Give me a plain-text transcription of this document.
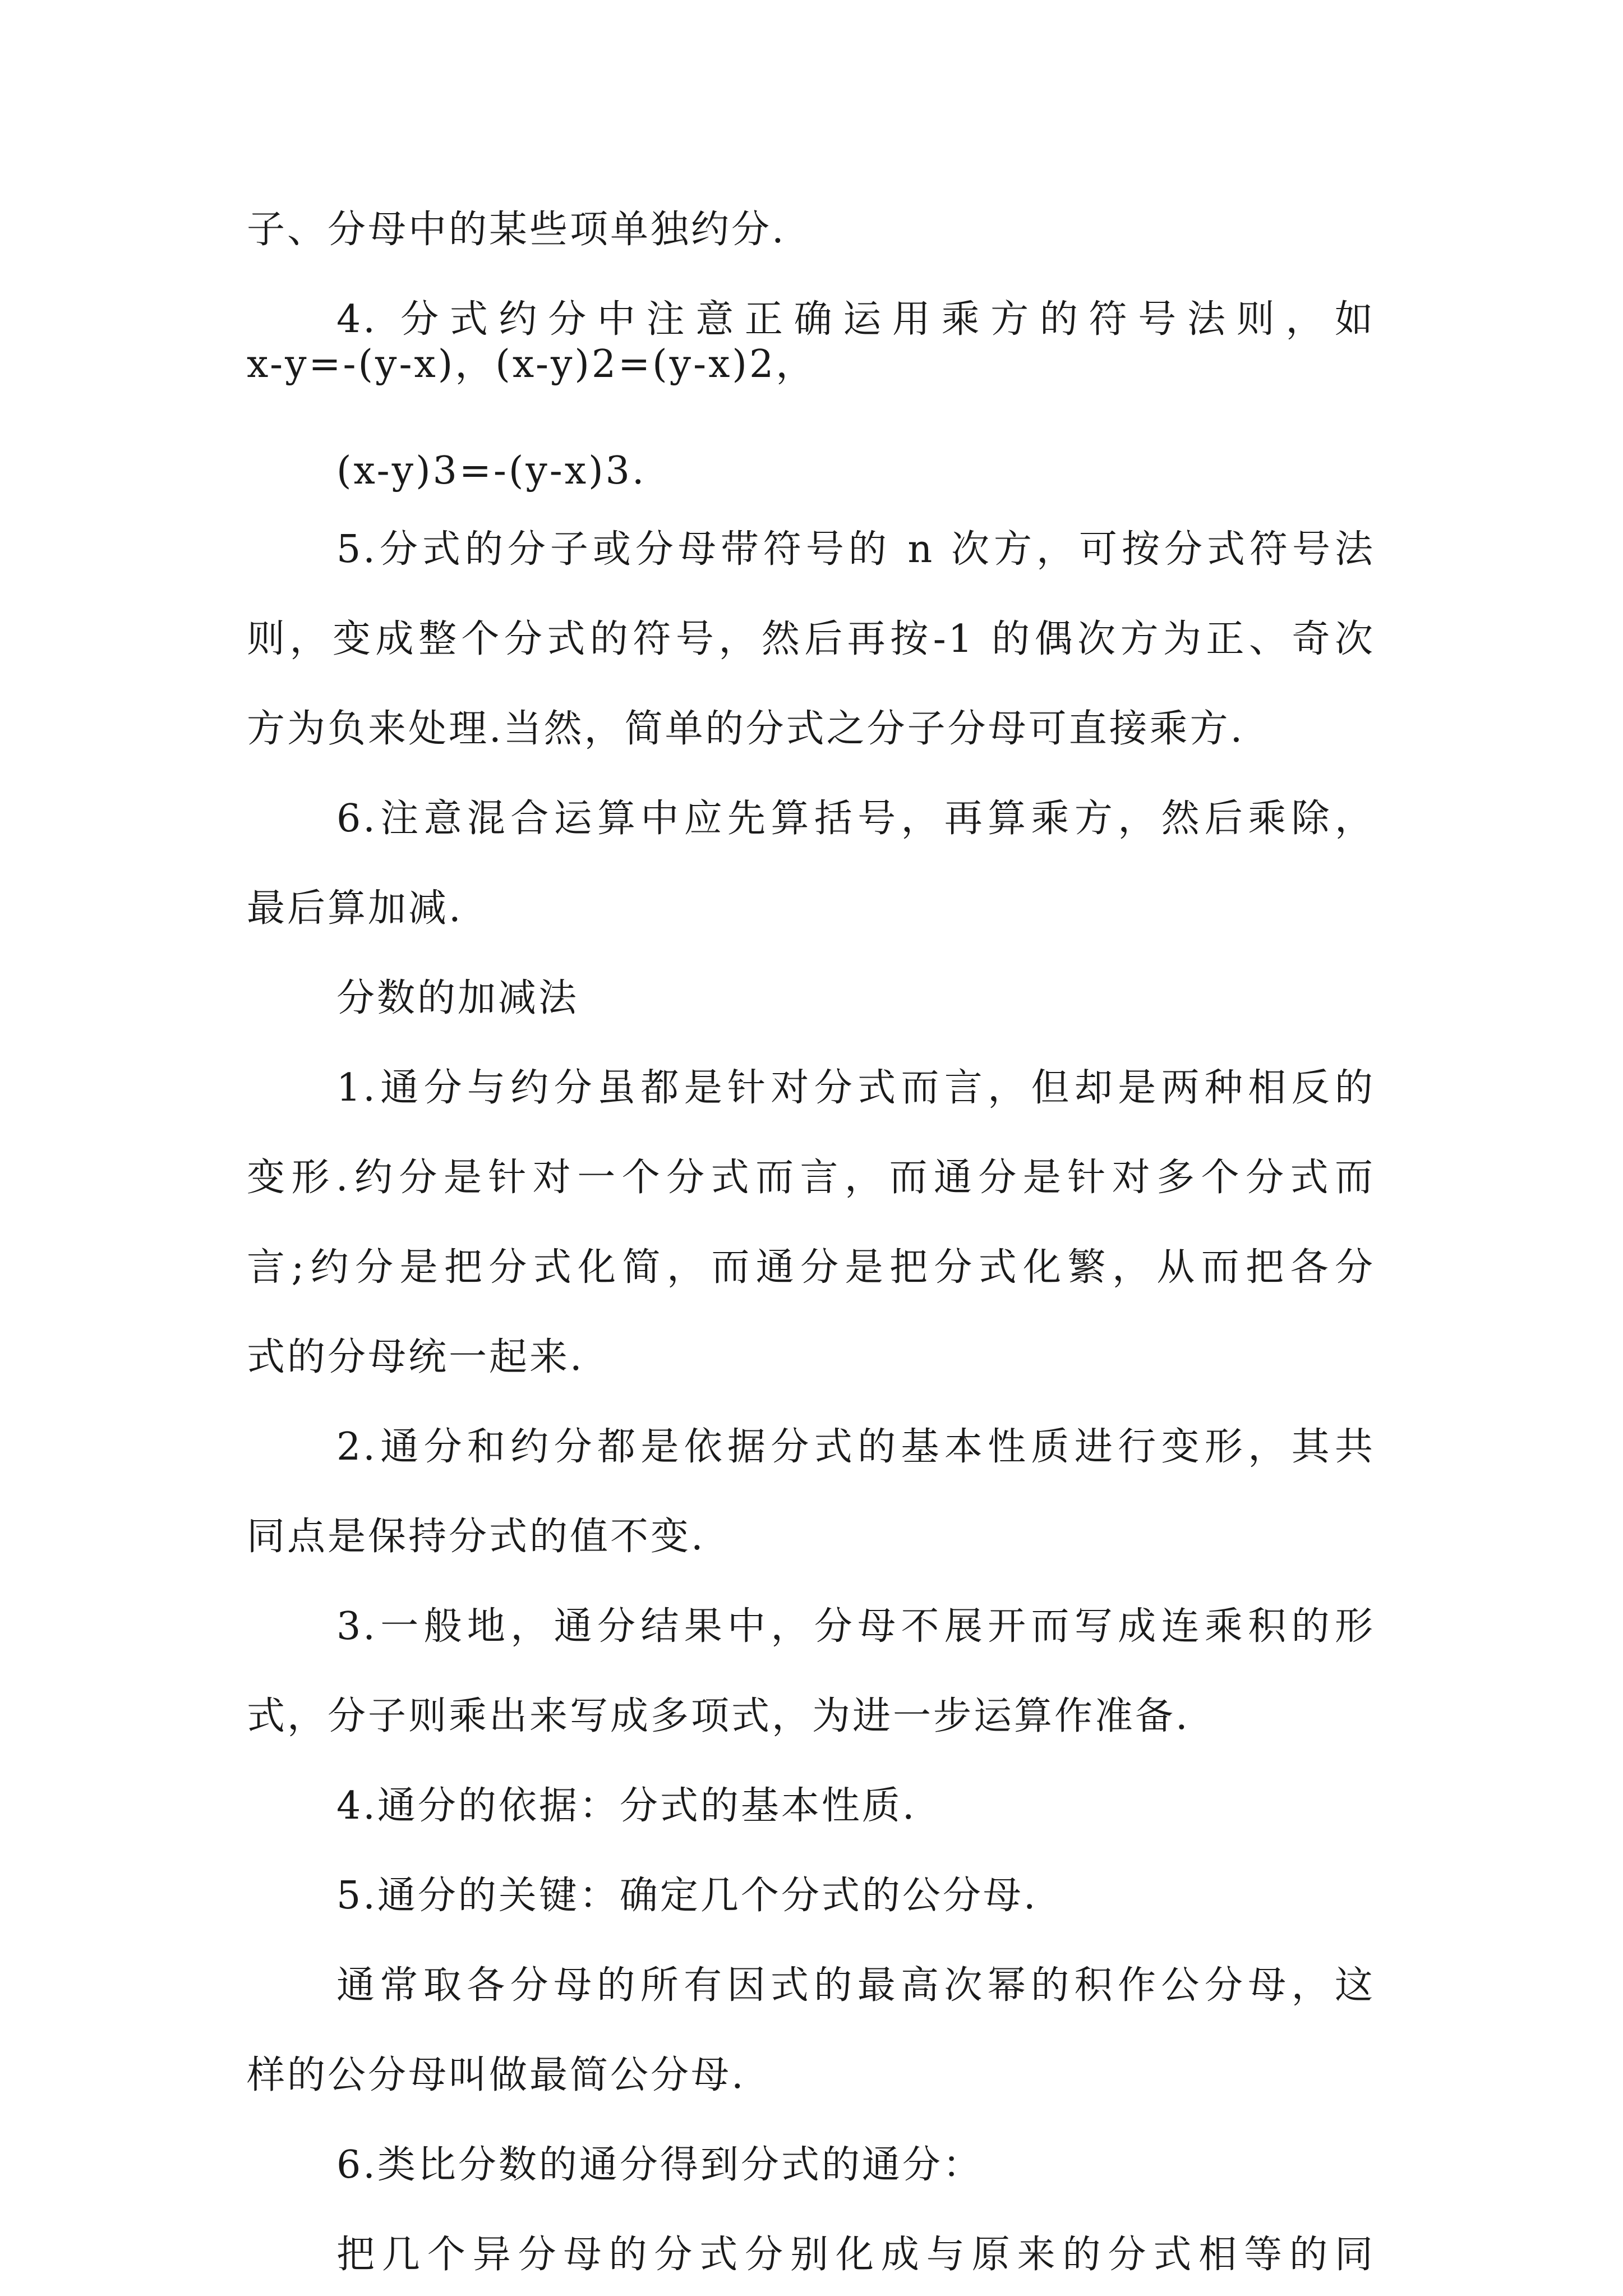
子、分母中的某些项单独约分.
4. 分式约分中注意正确运用乘方的符号法则，如
x-y=-(y-x)，(x-y)2=(y-x)2，
(x-y)3=-(y-x)3.
5.分式的分子或分母带符号的 n 次方，可按分式符号法
则，变成整个分式的符号，然后再按-1 的偶次方为正、奇次
方为负来处理.当然，简单的分式之分子分母可直接乘方.
6.注意混合运算中应先算括号，再算乘方，然后乘除，
最后算加减.
分数的加减法
1.通分与约分虽都是针对分式而言，但却是两种相反的
变形.约分是针对一个分式而言，而通分是针对多个分式而
言;约分是把分式化简，而通分是把分式化繁，从而把各分
式的分母统一起来.
2.通分和约分都是依据分式的基本性质进行变形，其共
同点是保持分式的值不变.
3.一般地，通分结果中，分母不展开而写成连乘积的形
式，分子则乘出来写成多项式，为进一步运算作准备.
4.通分的依据：分式的基本性质.
5.通分的关键：确定几个分式的公分母.
通常取各分母的所有因式的最高次幂的积作公分母，这
样的公分母叫做最简公分母.
6.类比分数的通分得到分式的通分：
把几个异分母的分式分别化成与原来的分式相等的同
